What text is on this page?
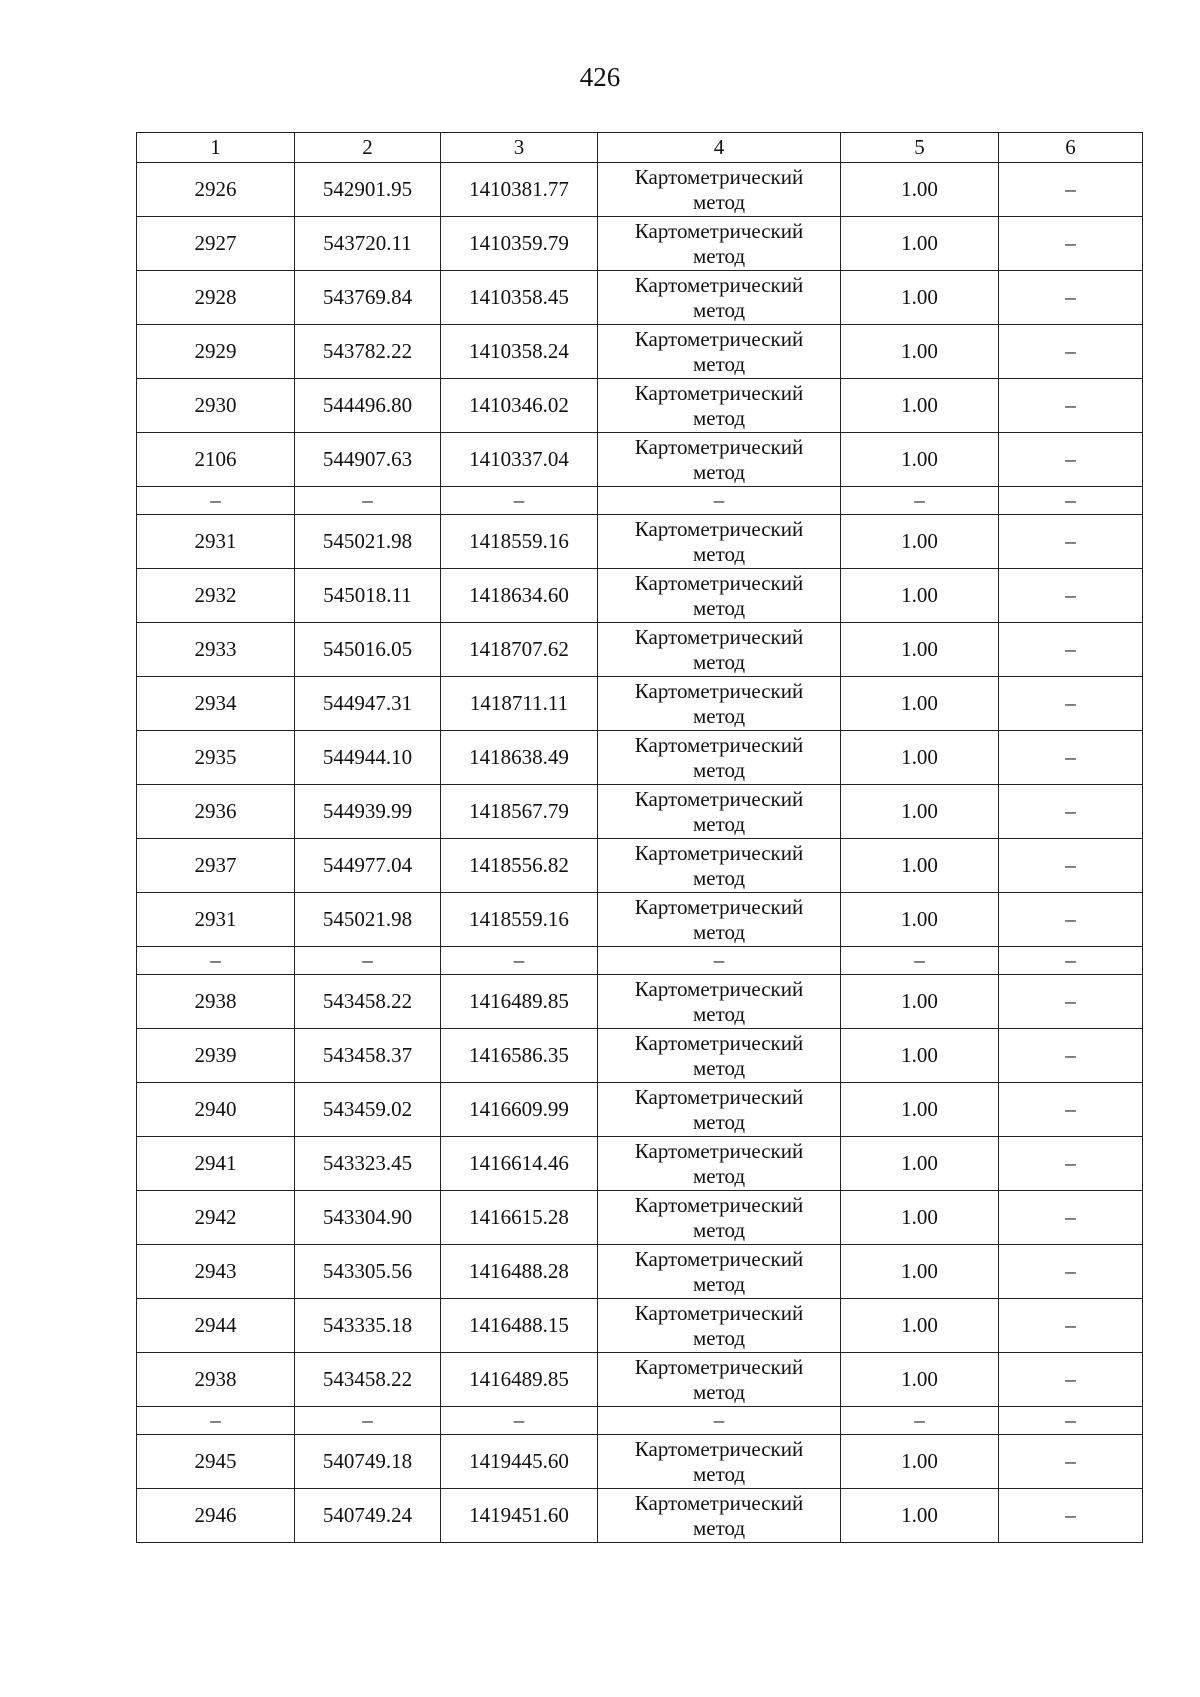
426
1	2	3	4	5	6
2926	542901.95	1410381.77	Картометрический метод	1.00	–
2927	543720.11	1410359.79	Картометрический метод	1.00	–
2928	543769.84	1410358.45	Картометрический метод	1.00	–
2929	543782.22	1410358.24	Картометрический метод	1.00	–
2930	544496.80	1410346.02	Картометрический метод	1.00	–
2106	544907.63	1410337.04	Картометрический метод	1.00	–
–	–	–	–	–	–
2931	545021.98	1418559.16	Картометрический метод	1.00	–
2932	545018.11	1418634.60	Картометрический метод	1.00	–
2933	545016.05	1418707.62	Картометрический метод	1.00	–
2934	544947.31	1418711.11	Картометрический метод	1.00	–
2935	544944.10	1418638.49	Картометрический метод	1.00	–
2936	544939.99	1418567.79	Картометрический метод	1.00	–
2937	544977.04	1418556.82	Картометрический метод	1.00	–
2931	545021.98	1418559.16	Картометрический метод	1.00	–
–	–	–	–	–	–
2938	543458.22	1416489.85	Картометрический метод	1.00	–
2939	543458.37	1416586.35	Картометрический метод	1.00	–
2940	543459.02	1416609.99	Картометрический метод	1.00	–
2941	543323.45	1416614.46	Картометрический метод	1.00	–
2942	543304.90	1416615.28	Картометрический метод	1.00	–
2943	543305.56	1416488.28	Картометрический метод	1.00	–
2944	543335.18	1416488.15	Картометрический метод	1.00	–
2938	543458.22	1416489.85	Картометрический метод	1.00	–
–	–	–	–	–	–
2945	540749.18	1419445.60	Картометрический метод	1.00	–
2946	540749.24	1419451.60	Картометрический метод	1.00	–
